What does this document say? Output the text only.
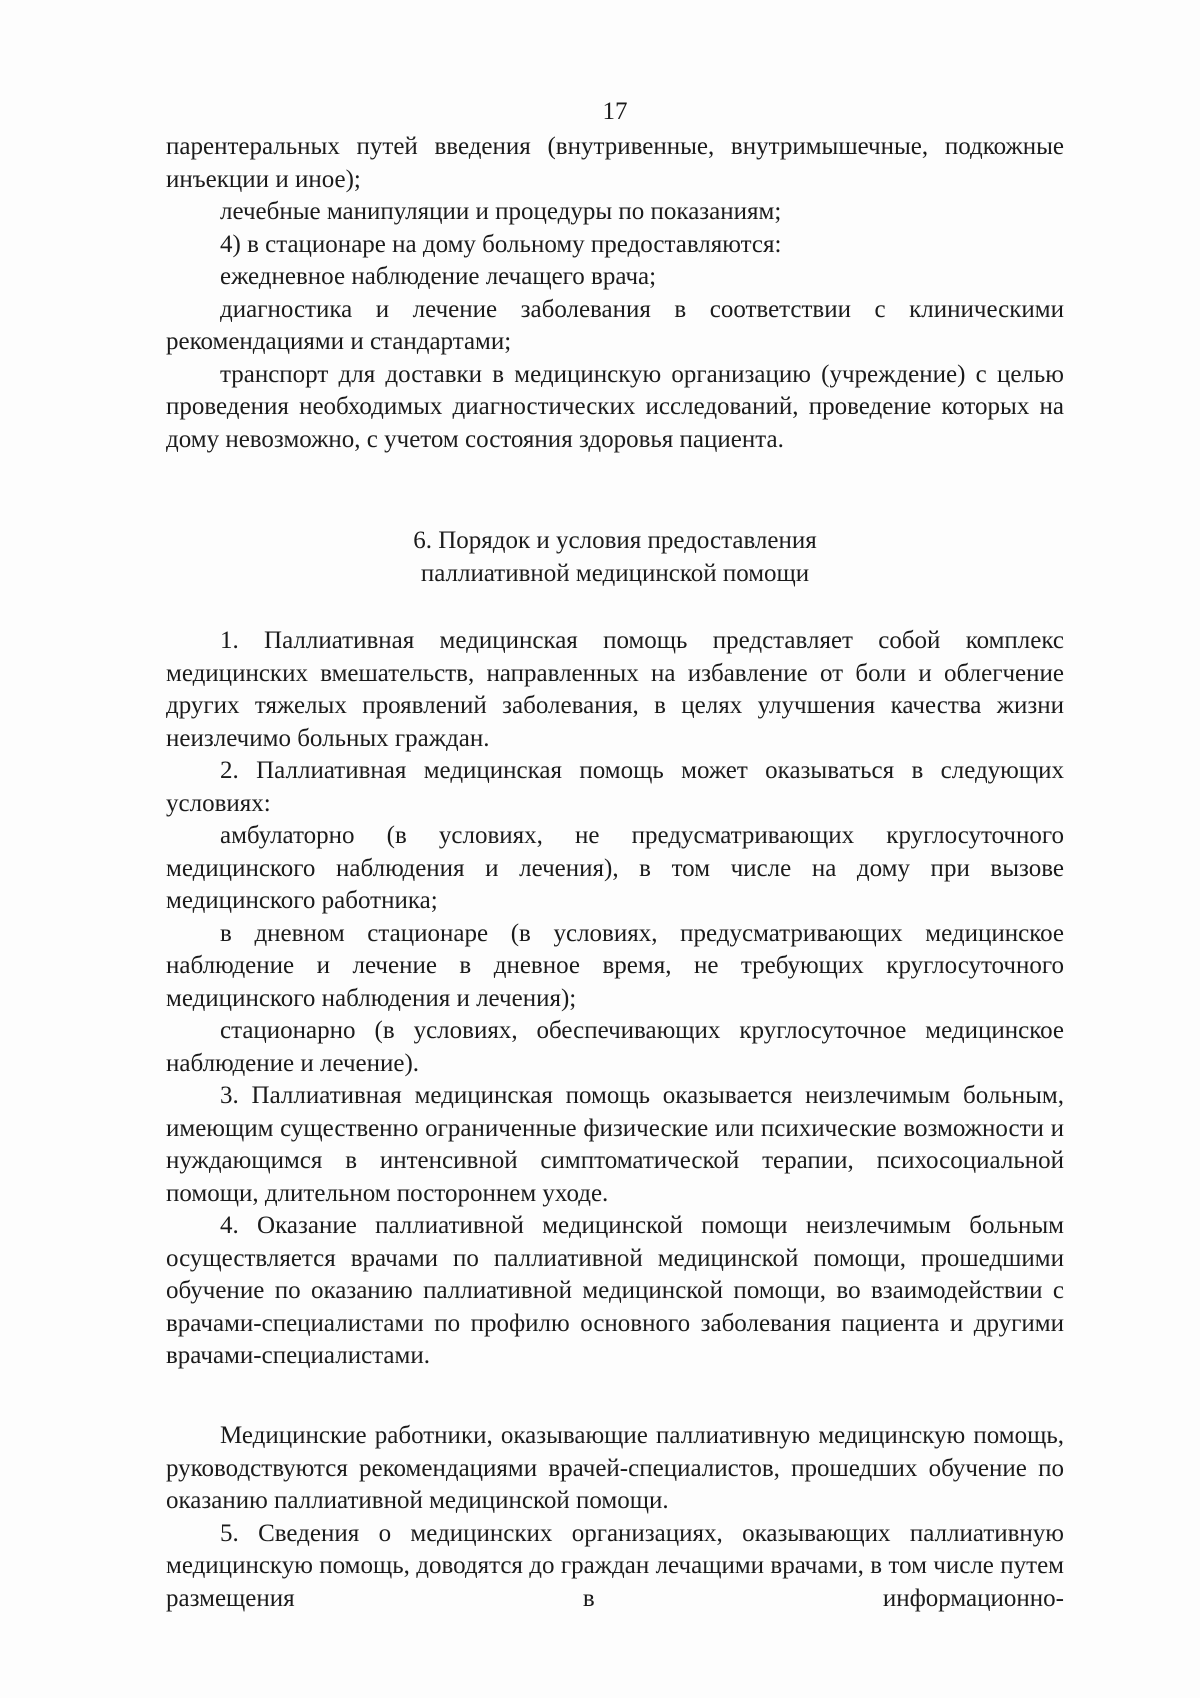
17

парентеральных путей введения (внутривенные, внутримышечные, подкожные инъекции и иное);

лечебные манипуляции и процедуры по показаниям;

4) в стационаре на дому больному предоставляются:

ежедневное наблюдение лечащего врача;

диагностика и лечение заболевания в соответствии с клиническими рекомендациями и стандартами;

транспорт для доставки в медицинскую организацию (учреждение) с целью проведения необходимых диагностических исследований, проведение которых на дому невозможно, с учетом состояния здоровья пациента.

6. Порядок и условия предоставления
паллиативной медицинской помощи

1. Паллиативная медицинская помощь представляет собой комплекс медицинских вмешательств, направленных на избавление от боли и облегчение других тяжелых проявлений заболевания, в целях улучшения качества жизни неизлечимо больных граждан.

2. Паллиативная медицинская помощь может оказываться в следующих условиях:

амбулаторно (в условиях, не предусматривающих круглосуточного медицинского наблюдения и лечения), в том числе на дому при вызове медицинского работника;

в дневном стационаре (в условиях, предусматривающих медицинское наблюдение и лечение в дневное время, не требующих круглосуточного медицинского наблюдения и лечения);

стационарно (в условиях, обеспечивающих круглосуточное медицинское наблюдение и лечение).

3. Паллиативная медицинская помощь оказывается неизлечимым больным, имеющим существенно ограниченные физические или психические возможности и нуждающимся в интенсивной симптоматической терапии, психосоциальной помощи, длительном постороннем уходе.

4. Оказание паллиативной медицинской помощи неизлечимым больным осуществляется врачами по паллиативной медицинской помощи, прошедшими обучение по оказанию паллиативной медицинской помощи, во взаимодействии с врачами-специалистами по профилю основного заболевания пациента и другими врачами-специалистами.

Медицинские работники, оказывающие паллиативную медицинскую помощь, руководствуются рекомендациями врачей-специалистов, прошедших обучение по оказанию паллиативной медицинской помощи.

5. Сведения о медицинских организациях, оказывающих паллиативную медицинскую помощь, доводятся до граждан лечащими врачами, в том числе путем размещения в информационно-
